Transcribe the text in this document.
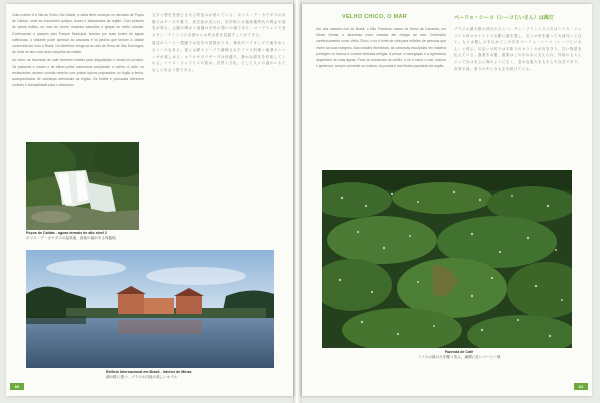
Outro roteiro é a Vila do Vinho. Na Cidade, a visita deve começar no mercado de Poços de Caldas, onde se encontram queijos, doces e artesanatos da região. Com pintores de vários estilos, as ruas do centro mostram casarões e igrejas de estilo colonial. Continuando o passeio pelo Parque Municipal, famoso por suas fontes de águas sulfurosas, o visitante pode apreciar as cascatas e os jardins que tornam a cidade conhecida em todo o Brasil. No teleférico chega-se ao alto da Serra de São Domingos, de onde se tem uma vista completa da cidade.

Ao redor, as fazendas de café recebem turistas para degustação e venda do produto. Os passeios a cavalo e as trilhas pelas cachoeiras completam o roteiro. A noite, os restaurantes servem comida mineira com pratos típicos preparados no fogão a lenha, acompanhados de cachaças artesanais da região. Os hotéis e pousadas oferecem conforto e tranquilidade para o descanso.

文字と歴史を感じさせる町並みが続いている。ポソス・デ・カウダスの市場ではチーズや菓子、民芸品が売られ、旧市街には植民地時代の教会や邸宅が残る。公園の噴水と庭園は市民の憩いの場であり、ロープウェイで登るサン・ドミンゴス山頂からは町全体を見渡すことができる。

周辺のコーヒー農園では見学や試飲ができ、乗馬やハイキングで滝をめぐるコースもある。夜には薪ストーブで調理されたミナス料理と地酒カシャッサが楽しめる。ホテルやポウザーダは快適で、静かな滞在を約束してくれる。ミナス・ジェライスの旅は、自然と文化、そして人々の温かいもてなしに出会う旅である。

Poços de Caldas - águas termais de alto nível 2
ポソス・デ・カウダスの温泉地、高地の滝がある保養地
Edifício Internacional em Brasil - Interior de Minas
湖の畔に建つ、ブラジル内陸の美しいホテル
60
VELHO CHICO, O MAR	ベーリョ・シーコ（シーコじいさん）は海だ

Um dos maiores rios do Brasil, o São Francisco nasce na Serra da Canastra, em Minas Gerais, e atravessa cinco estados até chegar ao mar. Conhecido carinhosamente como Velho Chico, o rio é fonte de vida para milhões de pessoas que vivem às suas margens. Nas cidades ribeirinhas, as carrancas esculpidas em madeira protegem os barcos e contam histórias antigas. A pesca, a navegação e a agricultura dependem de suas águas. Para os moradores do sertão, o rio é como o mar, imenso e generoso, sempre presente na música, na poesia e nas festas populares da região.

ブラジル最大級の河川のひとつ、サン・フランシスコ川はミナス・ジェライス州のカナストラ山脈に源を発し、五つの州を通って大西洋へと注ぐ。人々は親しみを込めてこの川をベーリョ・シーコ（シーコじいさん）と呼ぶ。川沿いの町では木彫りのカランカが舟を守り、古い物語を伝えている。漁業や水運、農業はこの川の水に支えられ、内陸の人々にとって川はまさに海のように広く、豊かな恵みをもたらす存在であり、音楽や詩、祭りの中に今も生き続けている。

Fazenda de Café
ミナスの緑の丘を覆う茂み、満開に近いコーヒー畑
61
